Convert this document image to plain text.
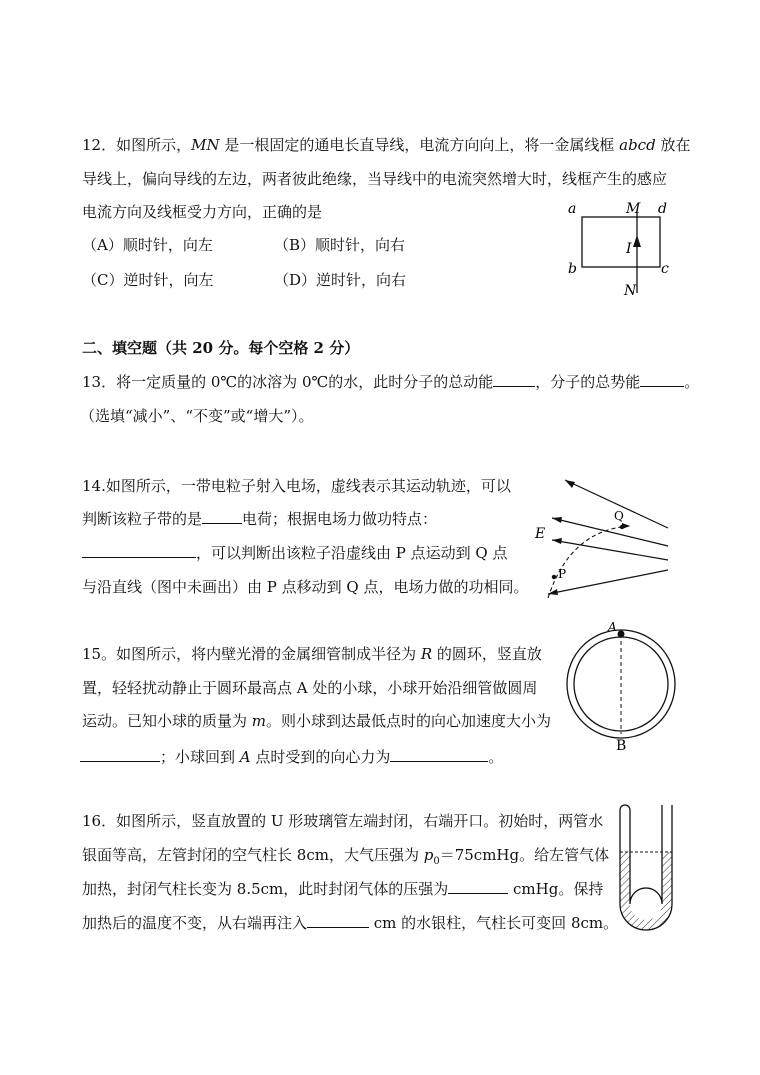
12．如图所示，MN 是一根固定的通电长直导线，电流方向向上，将一金属线框 abcd 放在
导线上，偏向导线的左边，两者彼此绝缘，当导线中的电流突然增大时，线框产生的感应
电流方向及线框受力方向，正确的是
（A）顺时针，向左	（B）顺时针，向右
（C）逆时针，向左	（D）逆时针，向右
a	M d
I
b	c
N
二、填空题（共 20 分。每个空格 2 分）
13．将一定质量的 0℃的冰溶为 0℃的水，此时分子的总动能	，分子的总势能	。
（选填“减小”、“不变”或“增大”）。
14.如图所示，一带电粒子射入电场，虚线表示其运动轨迹，可以
判断该粒子带的是	电荷；根据电场力做功特点：
，可以判断出该粒子沿虚线由 P 点运动到 Q 点
与沿直线（图中未画出）由 P 点移动到 Q 点，电场力做的功相同。
E
P
Q
15。如图所示，将内壁光滑的金属细管制成半径为 R 的圆环，竖直放
置，轻轻扰动静止于圆环最高点 A 处的小球，小球开始沿细管做圆周
运动。已知小球的质量为 m。则小球到达最低点时的向心加速度大小为
；小球回到 A 点时受到的向心力为	。
A
B
16．如图所示，竖直放置的 U 形玻璃管左端封闭，右端开口。初始时，两管水
银面等高，左管封闭的空气柱长 8cm，大气压强为 $p_0=75cmHg$。给左管气体
加热，封闭气柱长变为 8.5cm，此时封闭气体的压强为	cmHg。保持
加热后的温度不变，从右端再注入	cm 的水银柱，气柱长可变回 8cm。
